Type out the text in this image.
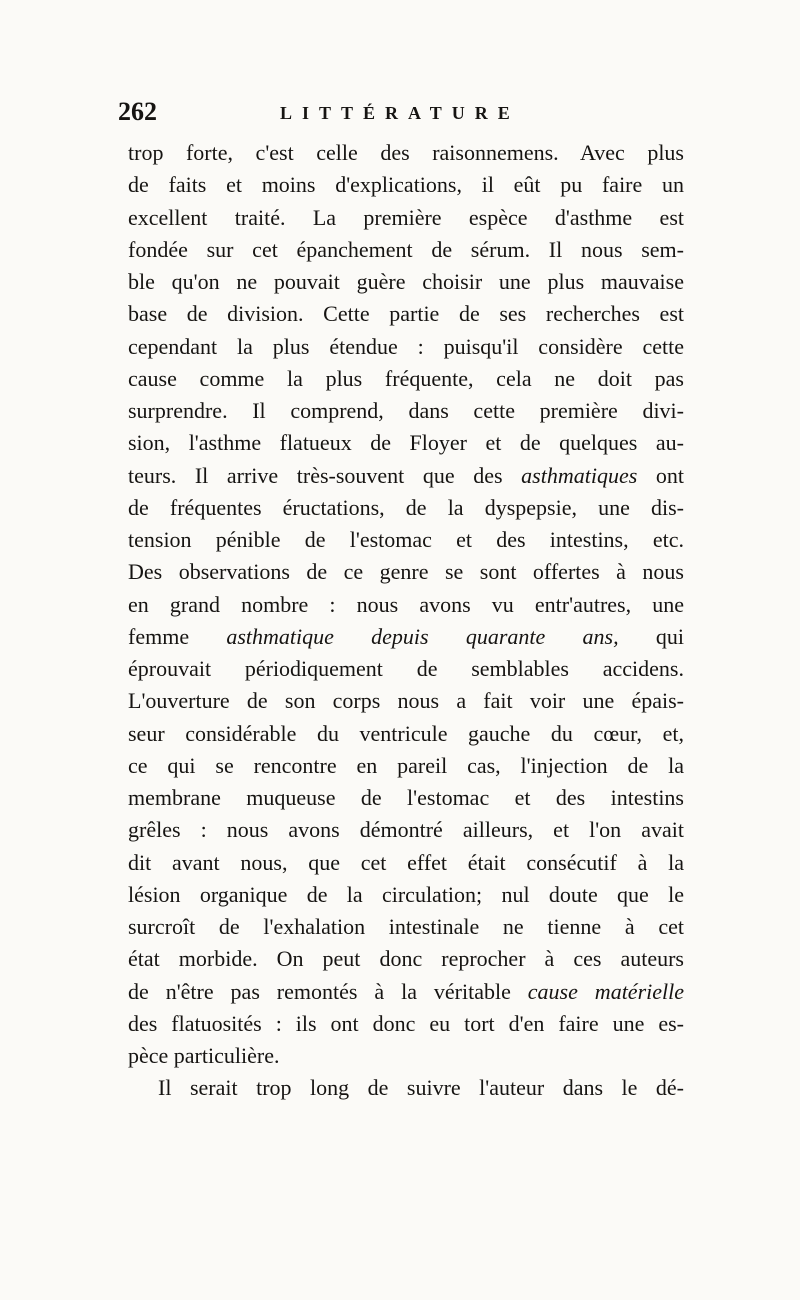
262	LITTÉRATURE
trop forte, c'est celle des raisonnemens. Avec plus
de faits et moins d'explications, il eût pu faire un
excellent traité. La première espèce d'asthme est
fondée sur cet épanchement de sérum. Il nous sem-
ble qu'on ne pouvait guère choisir une plus mauvaise
base de division. Cette partie de ses recherches est
cependant la plus étendue : puisqu'il considère cette
cause comme la plus fréquente, cela ne doit pas
surprendre. Il comprend, dans cette première divi-
sion, l'asthme flatueux de Floyer et de quelques au-
teurs. Il arrive très-souvent que des asthmatiques ont
de fréquentes éructations, de la dyspepsie, une dis-
tension pénible de l'estomac et des intestins, etc.
Des observations de ce genre se sont offertes à nous
en grand nombre : nous avons vu entr'autres, une
femme asthmatique depuis quarante ans, qui
éprouvait périodiquement de semblables accidens.
L'ouverture de son corps nous a fait voir une épais-
seur considérable du ventricule gauche du cœur, et,
ce qui se rencontre en pareil cas, l'injection de la
membrane muqueuse de l'estomac et des intestins
grêles : nous avons démontré ailleurs, et l'on avait
dit avant nous, que cet effet était consécutif à la
lésion organique de la circulation; nul doute que le
surcroît de l'exhalation intestinale ne tienne à cet
état morbide. On peut donc reprocher à ces auteurs
de n'être pas remontés à la véritable cause matérielle
des flatuosités : ils ont donc eu tort d'en faire une es-
pèce particulière.
Il serait trop long de suivre l'auteur dans le dé-
